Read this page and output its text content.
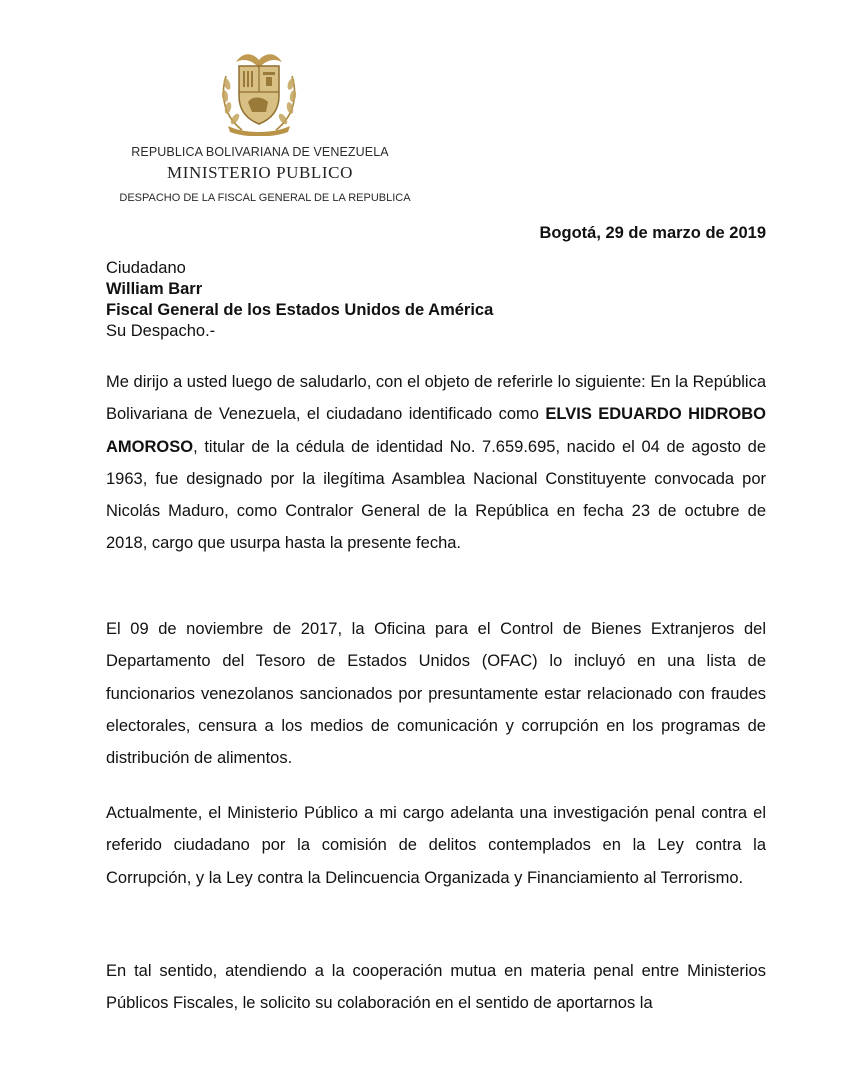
REPUBLICA BOLIVARIANA DE VENEZUELA
MINISTERIO PUBLICO
DESPACHO DE LA FISCAL GENERAL DE LA REPUBLICA
Bogotá, 29 de marzo de 2019
Ciudadano
William Barr
Fiscal General de los Estados Unidos de América
Su Despacho.-
Me dirijo a usted luego de saludarlo, con el objeto de referirle lo siguiente: En la República Bolivariana de Venezuela, el ciudadano identificado como ELVIS EDUARDO HIDROBO AMOROSO, titular de la cédula de identidad No. 7.659.695, nacido el 04 de agosto de 1963, fue designado por la ilegítima Asamblea Nacional Constituyente convocada por Nicolás Maduro, como Contralor General de la República en fecha 23 de octubre de 2018, cargo que usurpa hasta la presente fecha.
El 09 de noviembre de 2017, la Oficina para el Control de Bienes Extranjeros del Departamento del Tesoro de Estados Unidos (OFAC) lo incluyó en una lista de funcionarios venezolanos sancionados por presuntamente estar relacionado con fraudes electorales, censura a los medios de comunicación y corrupción en los programas de distribución de alimentos.
Actualmente, el Ministerio Público a mi cargo adelanta una investigación penal contra el referido ciudadano por la comisión de delitos contemplados en la Ley contra la Corrupción, y la Ley contra la Delincuencia Organizada y Financiamiento al Terrorismo.
En tal sentido, atendiendo a la cooperación mutua en materia penal entre Ministerios Públicos Fiscales, le solicito su colaboración en el sentido de aportarnos la
